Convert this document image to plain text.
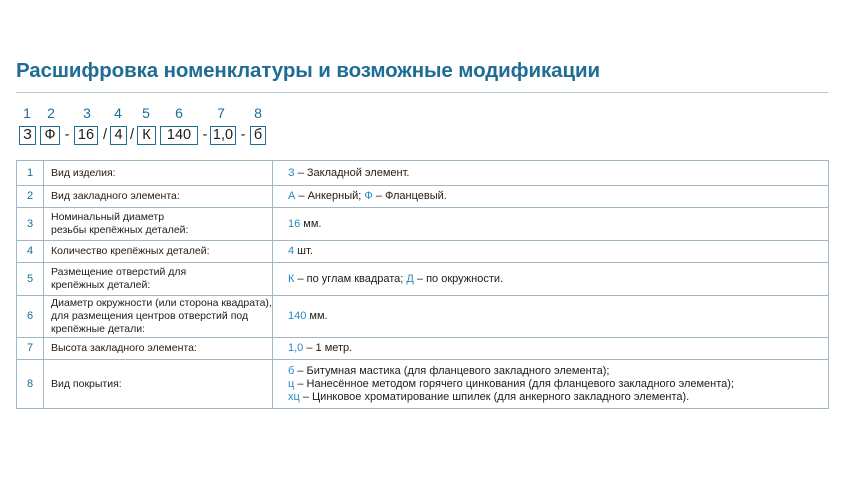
Расшифровка номенклатуры и возможные модификации
1 2 3 4 5 6 7 8
З Ф - 16 / 4 / К	140 - 1,0 - б
1	Вид изделия:	З – Закладной элемент.

2	Вид закладного элемента:	А – Анкерный; Ф – Фланцевый.

3	Номинальный диаметр
резьбы крепёжных деталей:	16 мм.

4	Количество крепёжных деталей:	4 шт.

5	Размещение отверстий для
крепёжных деталей:	К – по углам квадрата; Д – по окружности.

6	Диаметр окружности (или сторона квадрата),
для размещения центров отверстий под
крепёжные детали:	140 мм.

7	Высота закладного элемента:	1,0 – 1 метр.

8	Вид покрытия:	б – Битумная мастика (для фланцевого закладного элемента);
ц – Нанесённое методом горячего цинкования (для фланцевого закладного элемента);
хц – Цинковое хроматирование шпилек (для анкерного закладного элемента).
